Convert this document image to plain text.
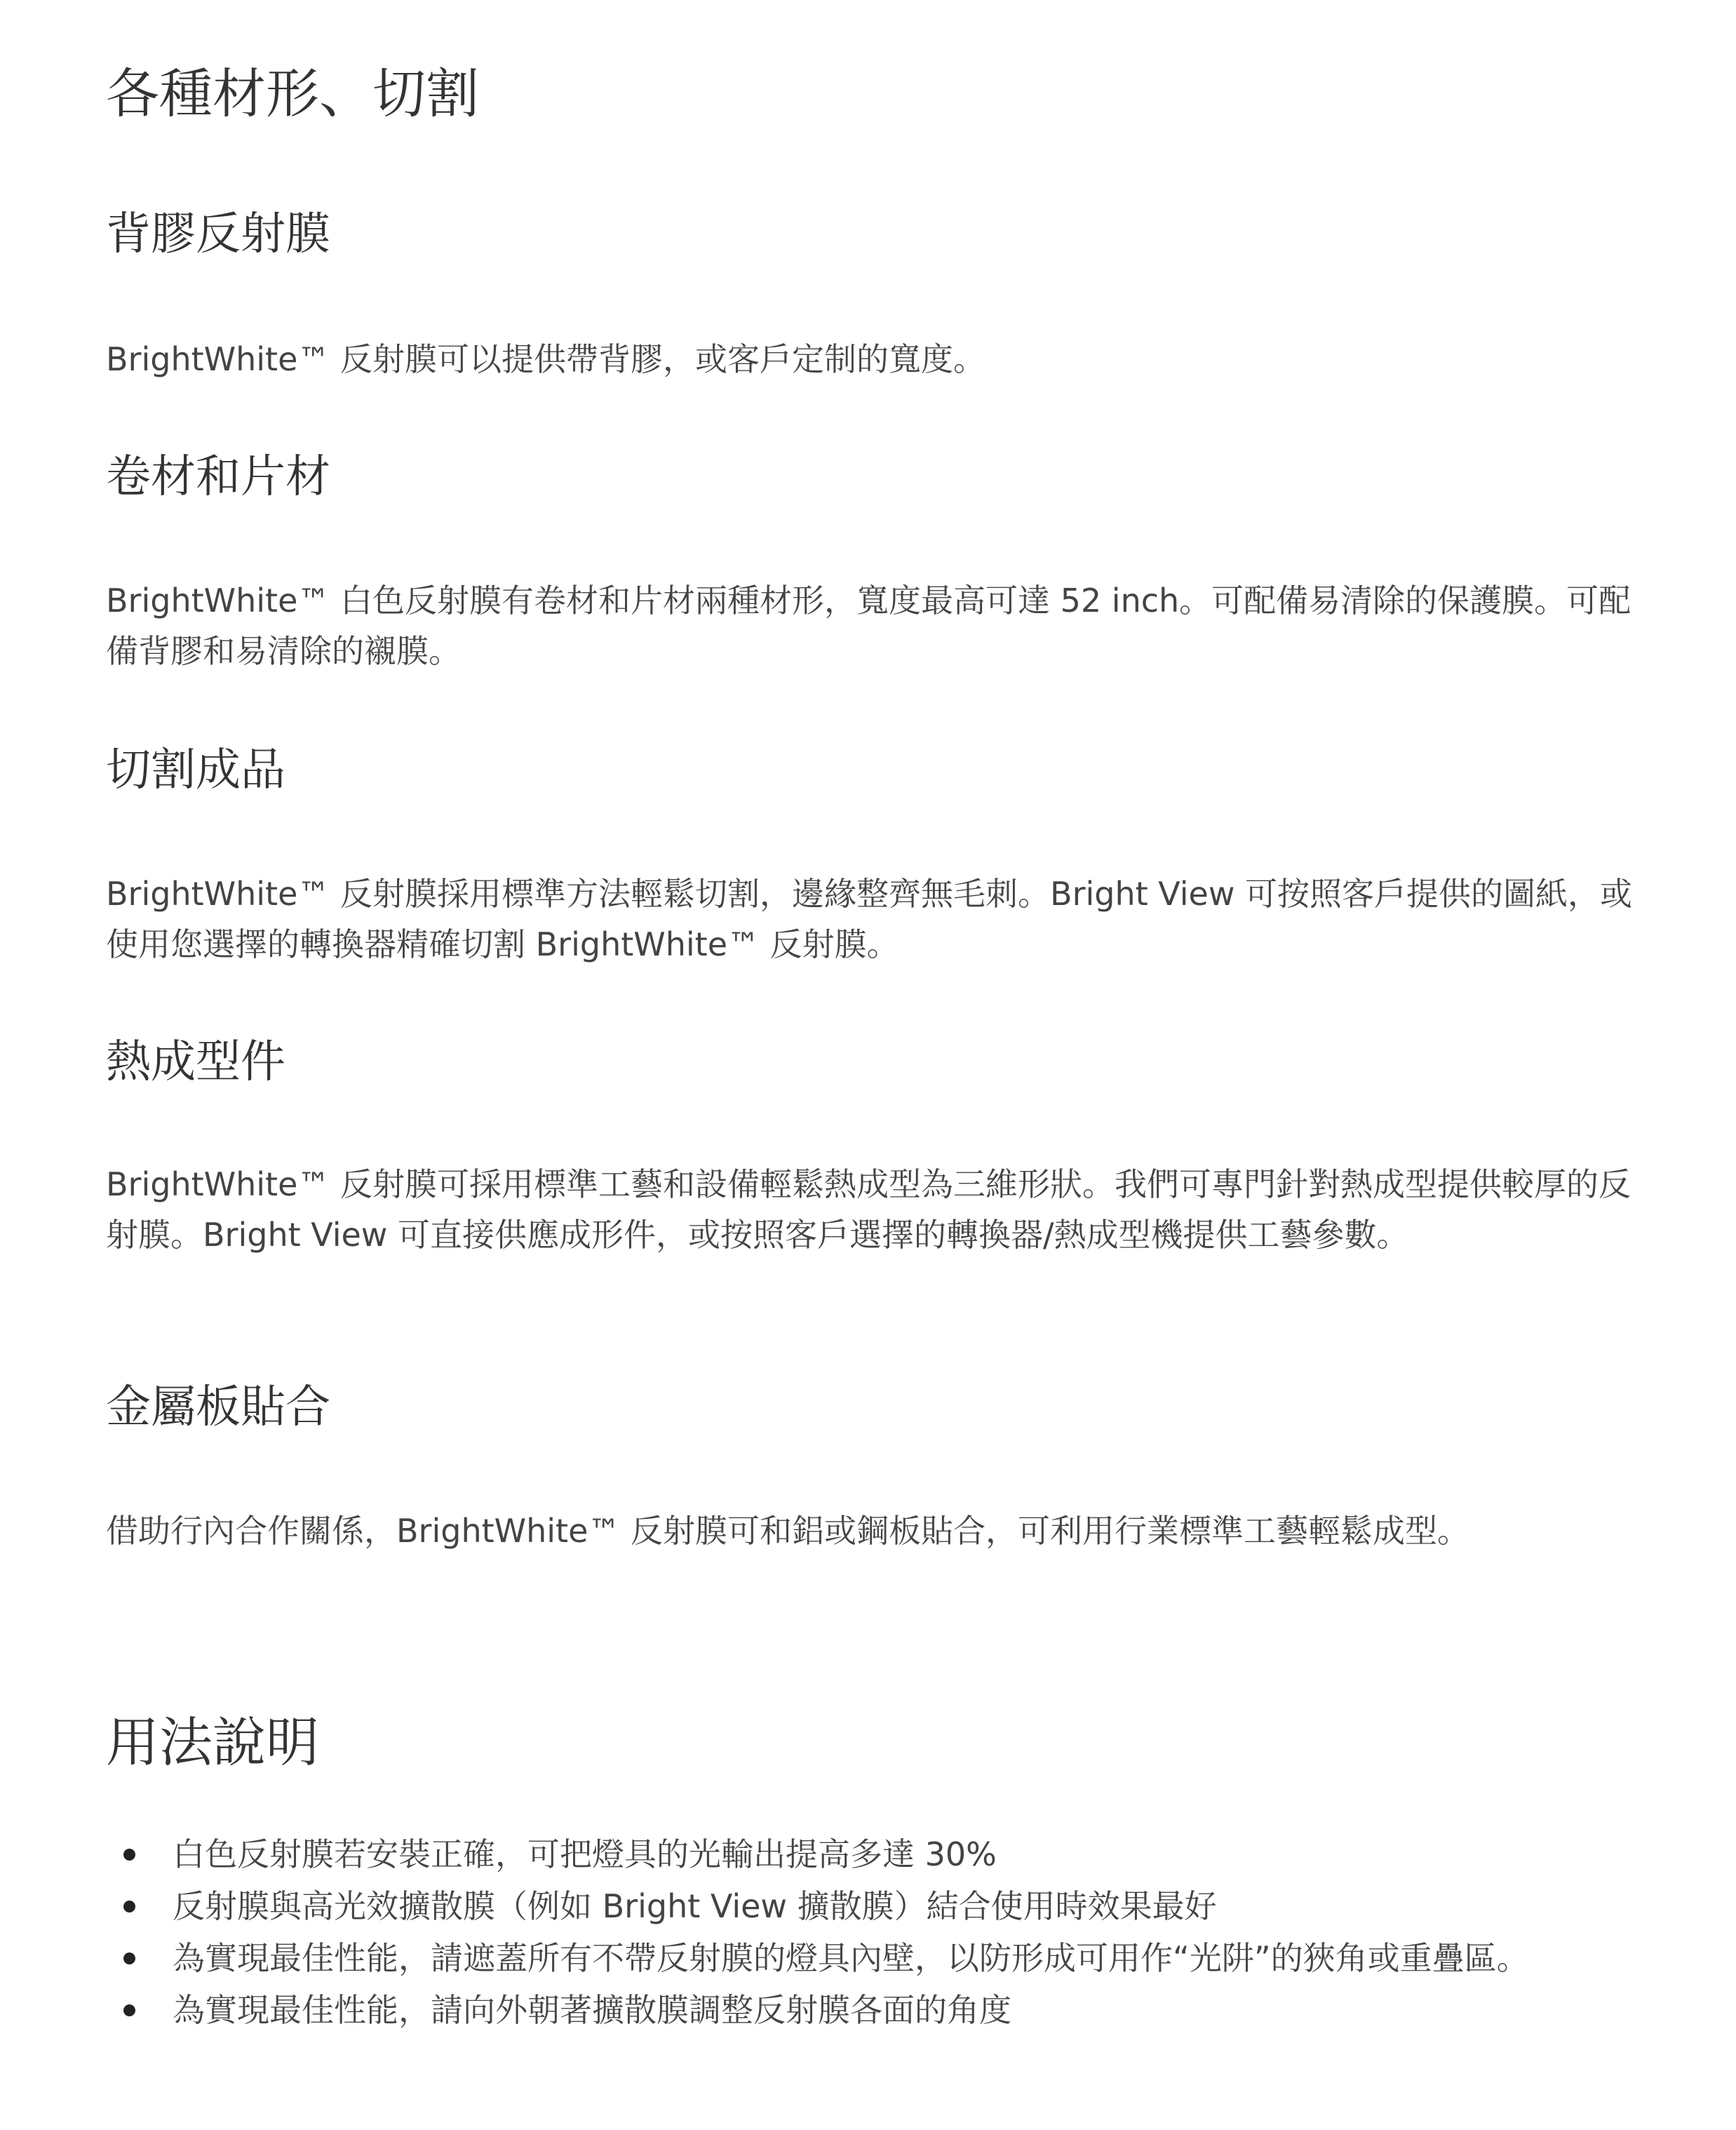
各種材形、切割
背膠反射膜

BrightWhite™ 反射膜可以提供帶背膠，或客戶定制的寬度。

卷材和片材

BrightWhite™ 白色反射膜有卷材和片材兩種材形，寬度最高可達 52 inch。可配備易清除的保護膜。可配備背膠和易清除的襯膜。

切割成品

BrightWhite™ 反射膜採用標準方法輕鬆切割，邊緣整齊無毛刺。Bright View 可按照客戶提供的圖紙，或使用您選擇的轉換器精確切割 BrightWhite™ 反射膜。

熱成型件

BrightWhite™ 反射膜可採用標準工藝和設備輕鬆熱成型為三維形狀。我們可專門針對熱成型提供較厚的反射膜。Bright View 可直接供應成形件，或按照客戶選擇的轉換器/熱成型機提供工藝參數。

金屬板貼合

借助行內合作關係，BrightWhite™ 反射膜可和鋁或鋼板貼合，可利用行業標準工藝輕鬆成型。

用法說明
白色反射膜若安裝正確，可把燈具的光輸出提高多達 30%
反射膜與高光效擴散膜（例如 Bright View 擴散膜）結合使用時效果最好
為實現最佳性能，請遮蓋所有不帶反射膜的燈具內壁，以防形成可用作“光阱”的狹角或重疊區。
為實現最佳性能，請向外朝著擴散膜調整反射膜各面的角度
